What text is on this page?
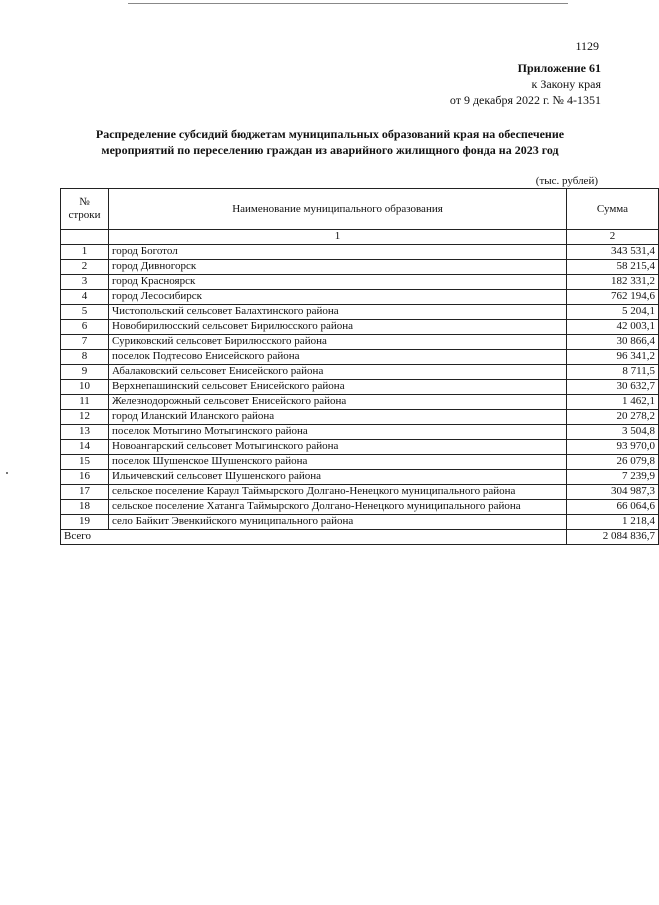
1129
Приложение 61
к Закону края
от 9 декабря 2022 г. № 4-1351
Распределение субсидий бюджетам муниципальных образований края на обеспечение мероприятий по переселению граждан из аварийного жилищного фонда на 2023 год
(тыс. рублей)
№ строки	Наименование муниципального образования	Сумма
	1	2
1	город Боготол	343 531,4
2	город Дивногорск	58 215,4
3	город Красноярск	182 331,2
4	город Лесосибирск	762 194,6
5	Чистопольский сельсовет Балахтинского района	5 204,1
6	Новобирилюсский сельсовет Бирилюсского района	42 003,1
7	Суриковский сельсовет Бирилюсского района	30 866,4
8	поселок Подтесово Енисейского района	96 341,2
9	Абалаковский сельсовет Енисейского района	8 711,5
10	Верхнепашинский сельсовет Енисейского района	30 632,7
11	Железнодорожный сельсовет Енисейского района	1 462,1
12	город Иланский Иланского района	20 278,2
13	поселок Мотыгино Мотыгинского района	3 504,8
14	Новоангарский сельсовет Мотыгинского района	93 970,0
15	поселок Шушенское Шушенского района	26 079,8
16	Ильичевский сельсовет Шушенского района	7 239,9
17	сельское поселение Караул Таймырского Долгано-Ненецкого муниципального района	304 987,3
18	сельское поселение Хатанга Таймырского Долгано-Ненецкого муниципального района	66 064,6
19	село Байкит Эвенкийского муниципального района	1 218,4
Всего		2 084 836,7
